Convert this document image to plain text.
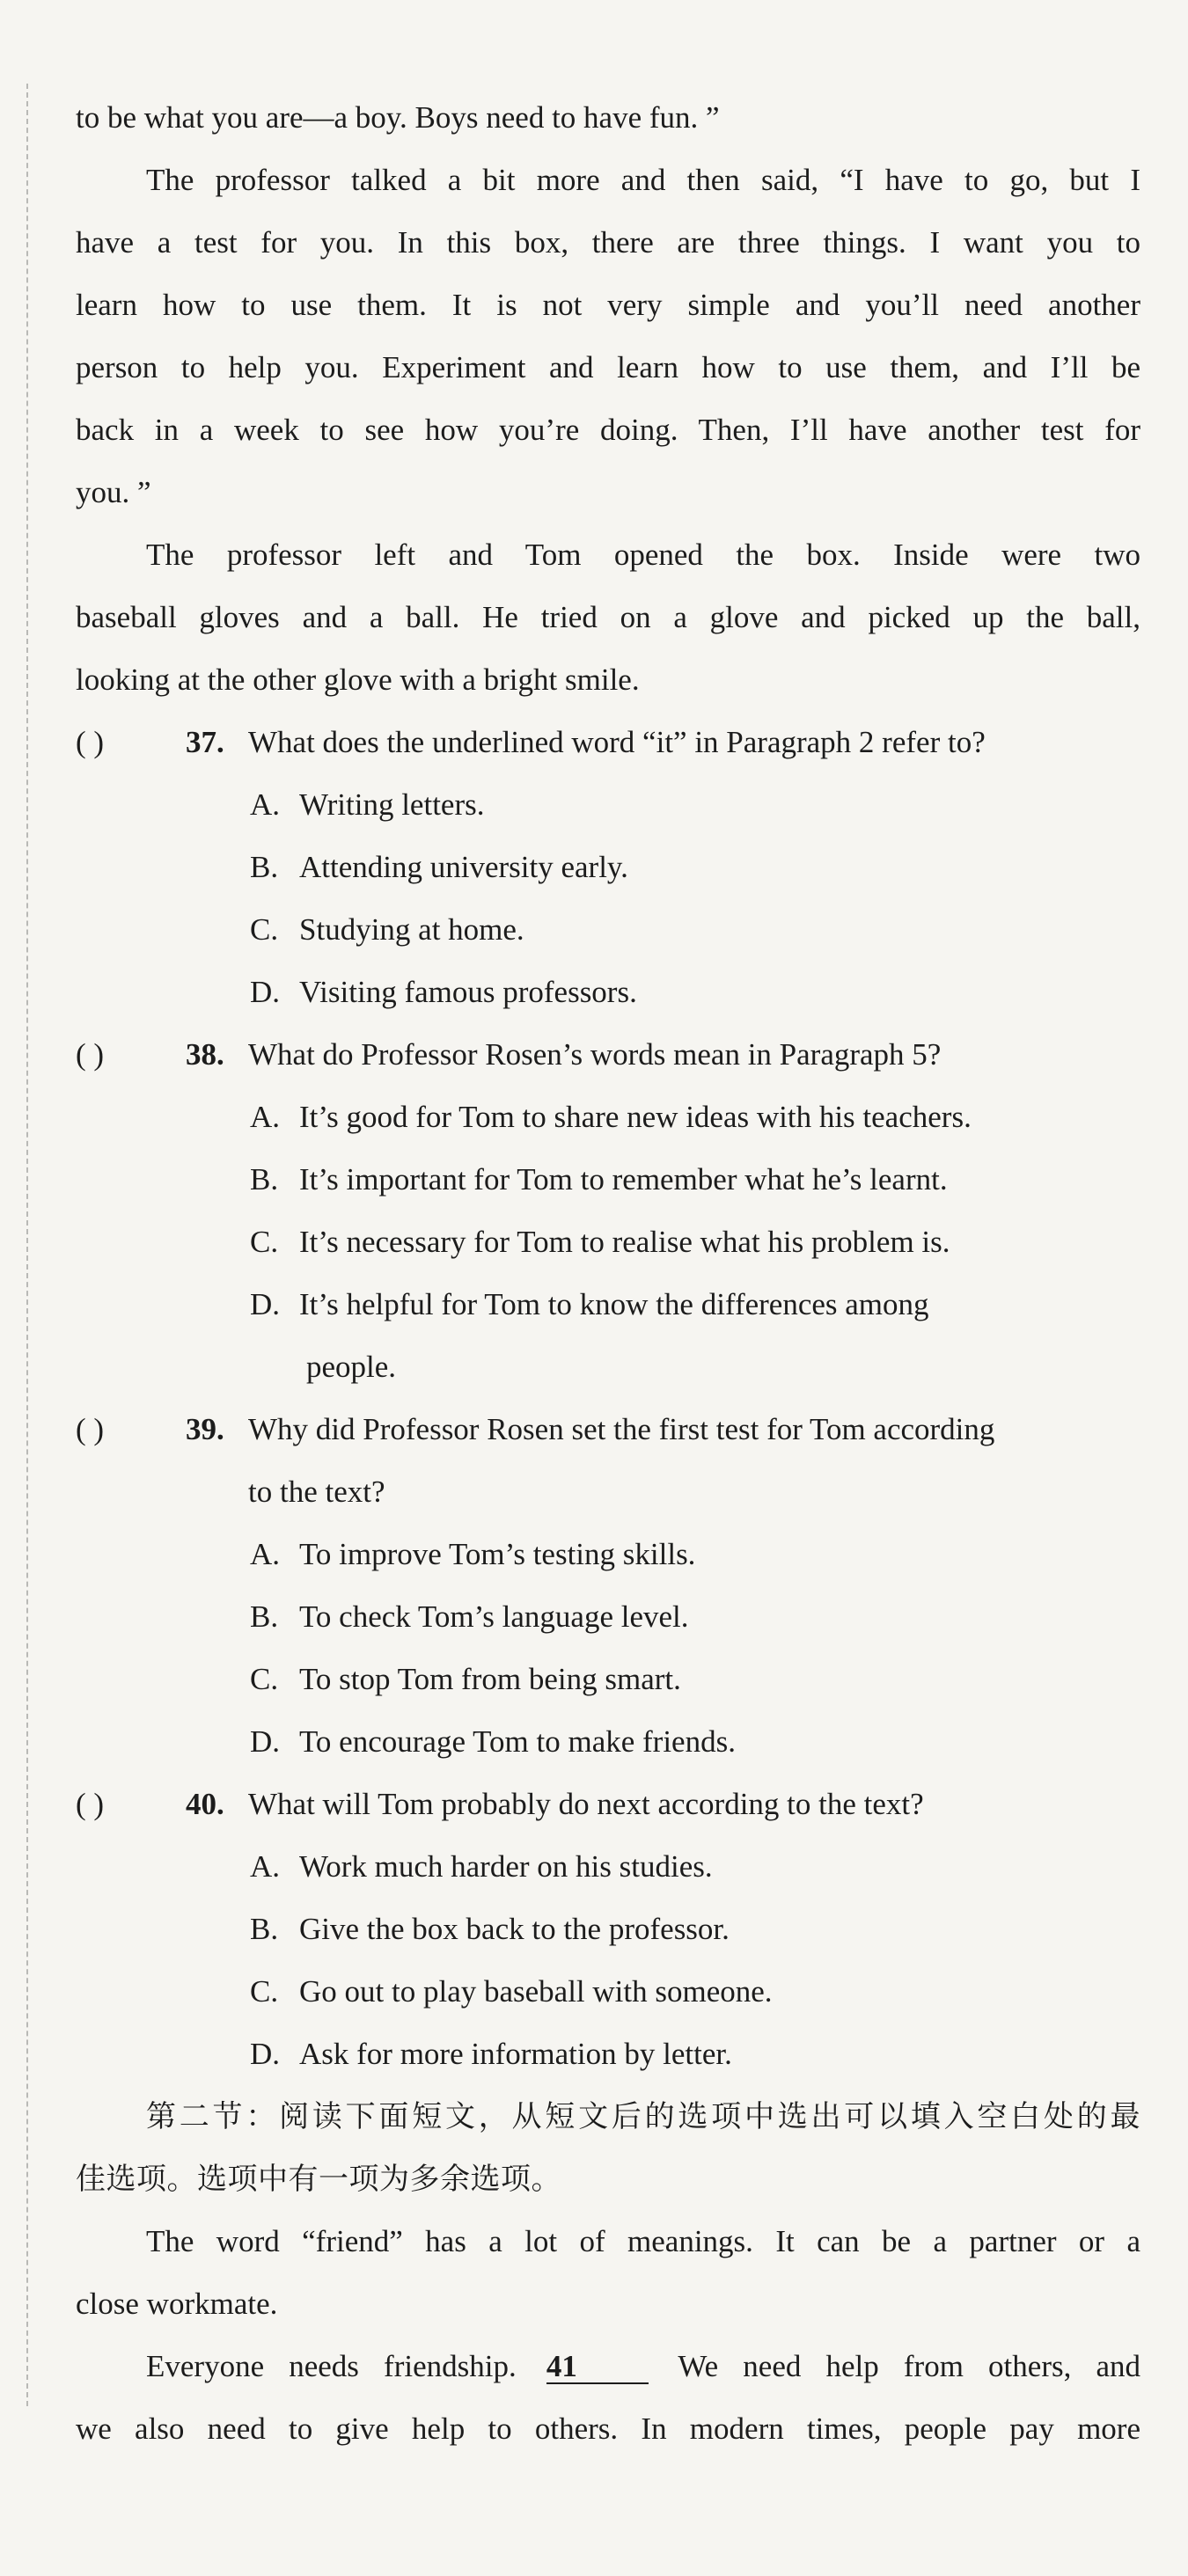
to be what you are—a boy. Boys need to have fun. ”
The professor talked a bit more and then said, “I have to go, but I
have a test for you. In this box, there are three things. I want you to
learn how to use them. It is not very simple and you’ll need another
person to help you. Experiment and learn how to use them, and I’ll be
back in a week to see how you’re doing. Then, I’ll have another test for
you. ”
The professor left and Tom opened the box. Inside were two
baseball gloves and a ball. He tried on a glove and picked up the ball,
looking at the other glove with a bright smile.
( )	37. What does the underlined word “it” in Paragraph 2 refer to?
A. Writing letters.
B. Attending university early.
C. Studying at home.
D. Visiting famous professors.
( )	38. What do Professor Rosen’s words mean in Paragraph 5?
A. It’s good for Tom to share new ideas with his teachers.
B. It’s important for Tom to remember what he’s learnt.
C. It’s necessary for Tom to realise what his problem is.
D. It’s helpful for Tom to know the differences among
people.
( )	39. Why did Professor Rosen set the first test for Tom according
to the text?
A. To improve Tom’s testing skills.
B. To check Tom’s language level.
C. To stop Tom from being smart.
D. To encourage Tom to make friends.
( )	40. What will Tom probably do next according to the text?
A. Work much harder on his studies.
B. Give the box back to the professor.
C. Go out to play baseball with someone.
D. Ask for more information by letter.
第二节：阅读下面短文，从短文后的选项中选出可以填入空白处的最
佳选项。选项中有一项为多余选项。
The word “friend” has a lot of meanings. It can be a partner or a
close workmate.
Everyone needs friendship. 41	We need help from others, and
we also need to give help to others. In modern times, people pay more
